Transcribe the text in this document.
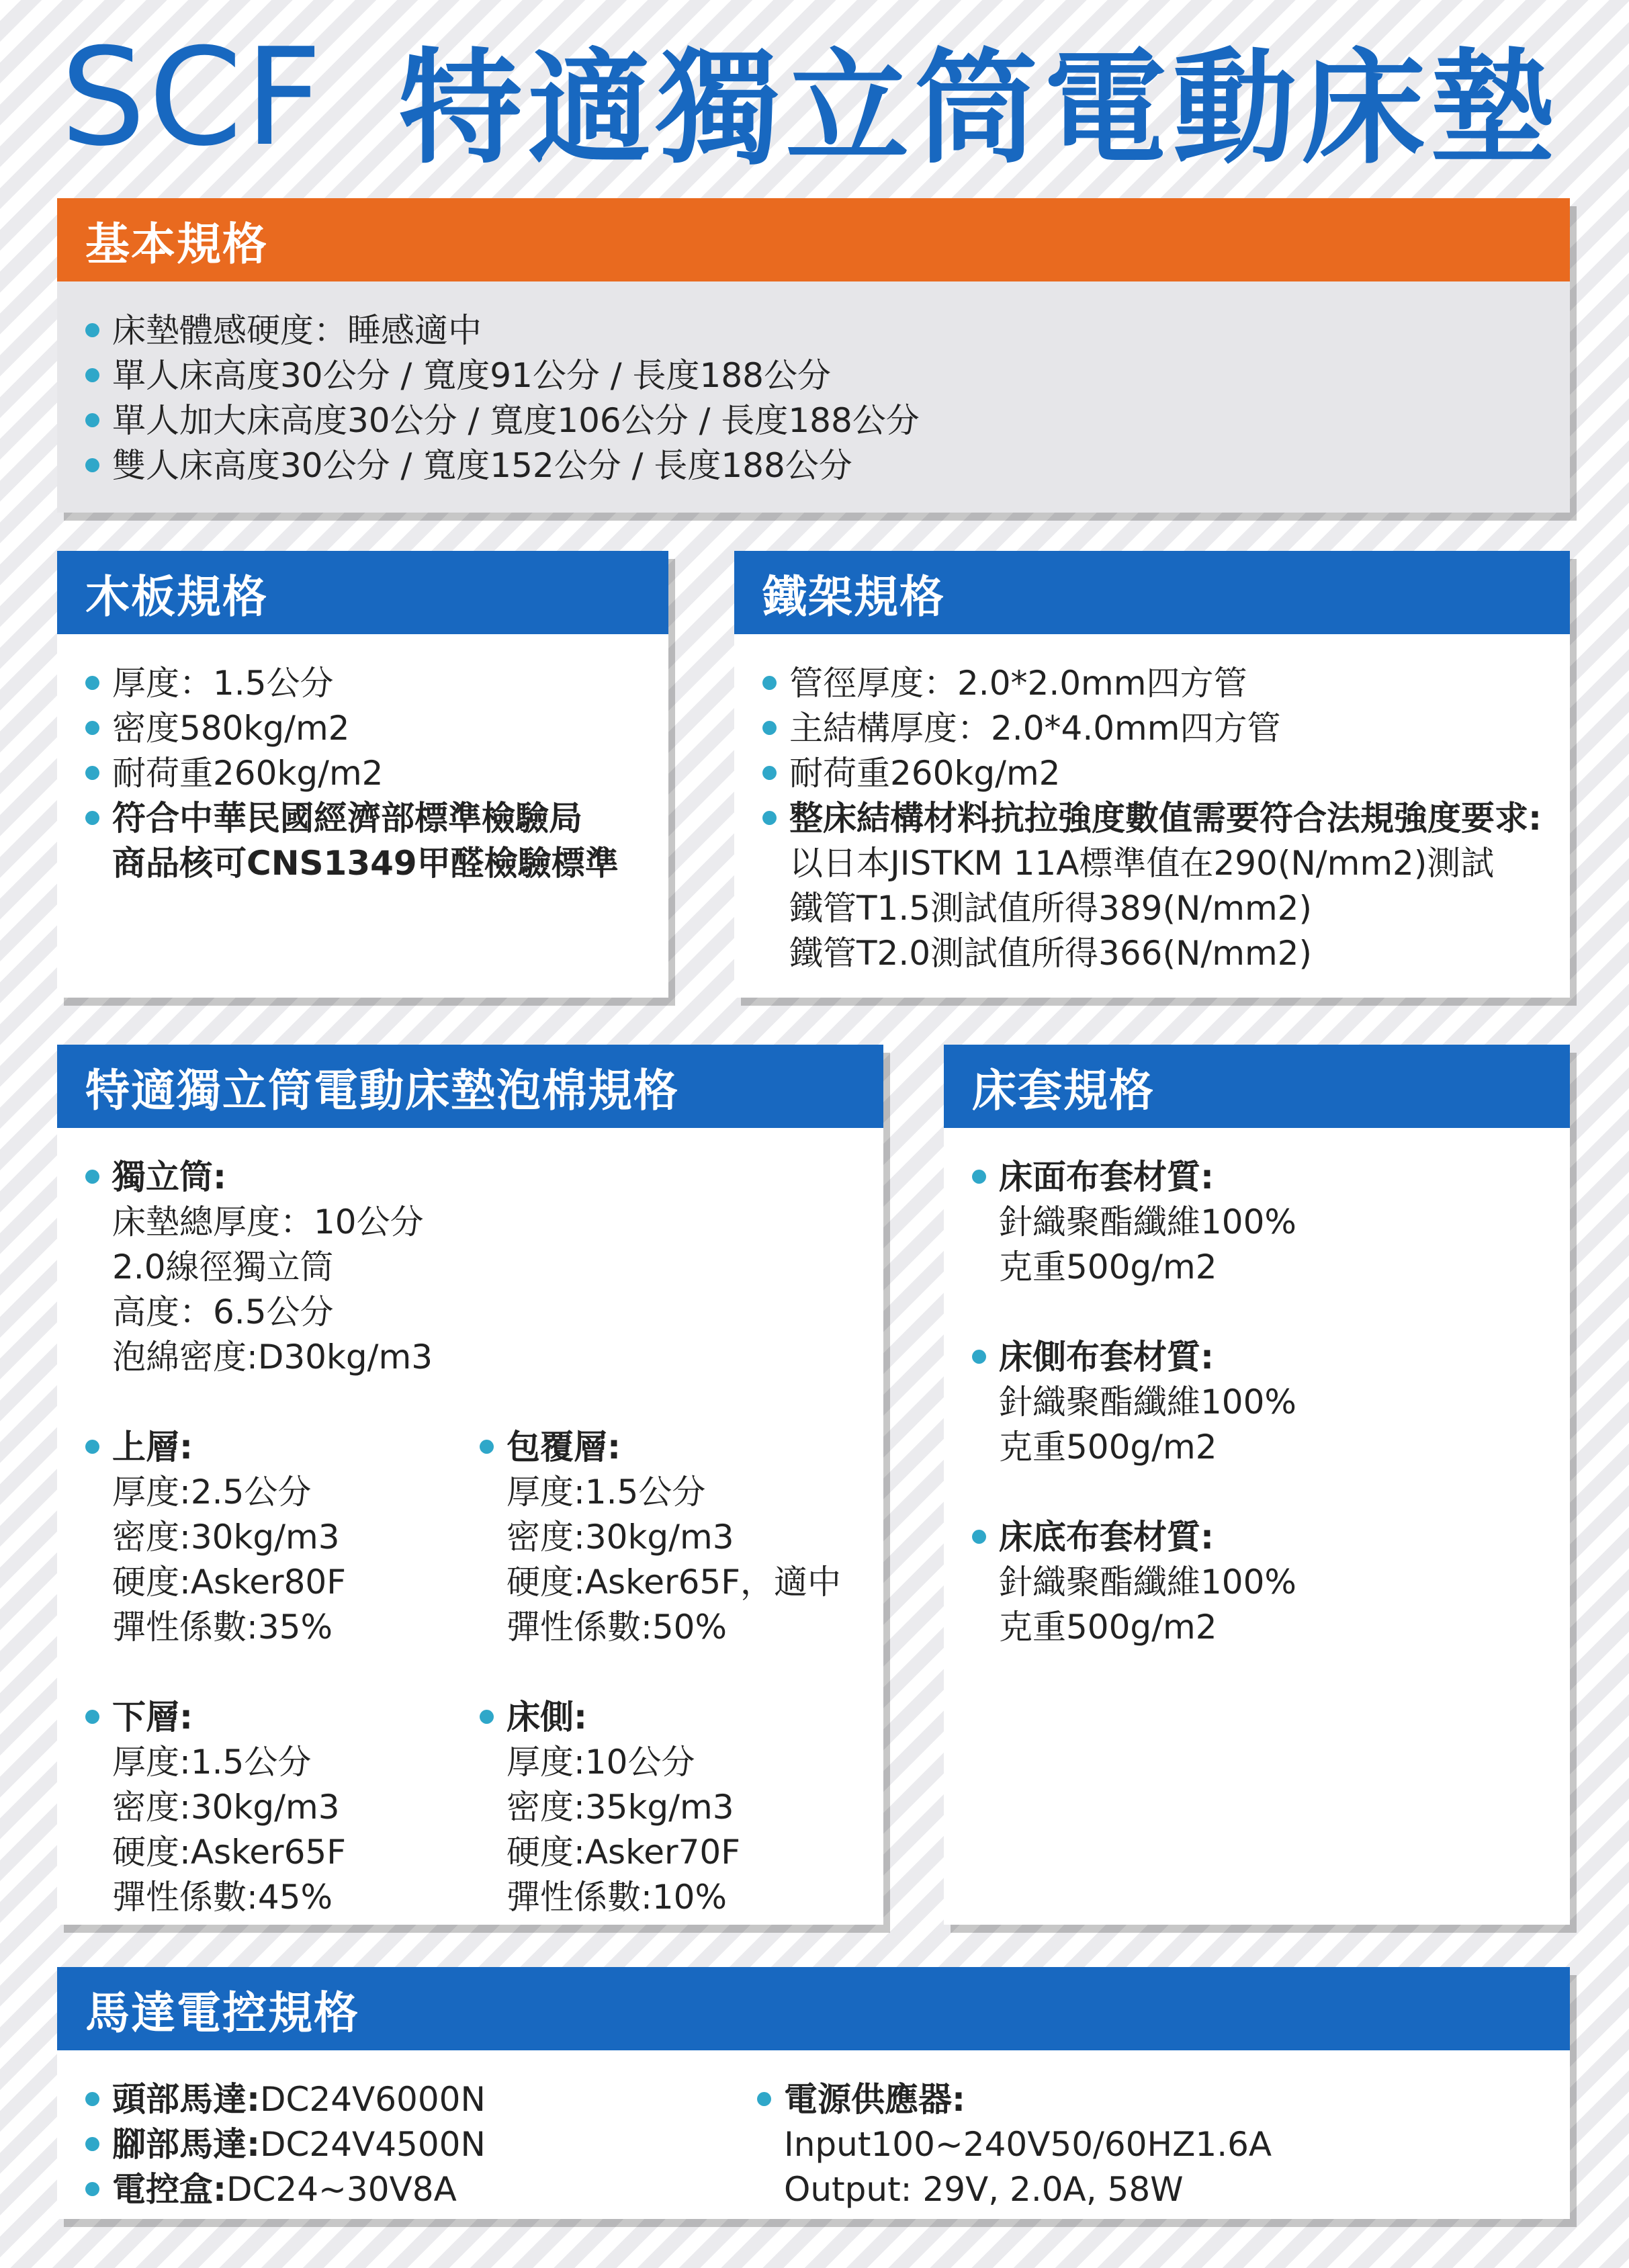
SCF 特適獨立筒電動床墊
基本規格
床墊體感硬度：睡感適中
單人床高度30公分 / 寬度91公分 / 長度188公分
單人加大床高度30公分 / 寬度106公分 / 長度188公分
雙人床高度30公分 / 寬度152公分 / 長度188公分
木板規格
厚度：1.5公分
密度580kg/m2
耐荷重260kg/m2
符合中華民國經濟部標準檢驗局
商品核可CNS1349甲醛檢驗標準
鐵架規格
管徑厚度：2.0*2.0mm四方管
主結構厚度：2.0*4.0mm四方管
耐荷重260kg/m2
整床結構材料抗拉強度數值需要符合法規強度要求:
以日本JISTKM 11A標準值在290(N/mm2)測試
鐵管T1.5測試值所得389(N/mm2)
鐵管T2.0測試值所得366(N/mm2)
特適獨立筒電動床墊泡棉規格
獨立筒:
床墊總厚度：10公分
2.0線徑獨立筒
高度：6.5公分
泡綿密度:D30kg/m3
上層:
厚度:2.5公分
密度:30kg/m3
硬度:Asker80F
彈性係數:35%
包覆層:
厚度:1.5公分
密度:30kg/m3
硬度:Asker65F，適中
彈性係數:50%
下層:
厚度:1.5公分
密度:30kg/m3
硬度:Asker65F
彈性係數:45%
床側:
厚度:10公分
密度:35kg/m3
硬度:Asker70F
彈性係數:10%
床套規格
床面布套材質:
針織聚酯纖維100%
克重500g/m2
床側布套材質:
針織聚酯纖維100%
克重500g/m2
床底布套材質:
針織聚酯纖維100%
克重500g/m2
馬達電控規格
頭部馬達:DC24V6000N
腳部馬達:DC24V4500N
電控盒:DC24~30V8A
電源供應器:
Input100~240V50/60HZ1.6A
Output: 29V, 2.0A, 58W
